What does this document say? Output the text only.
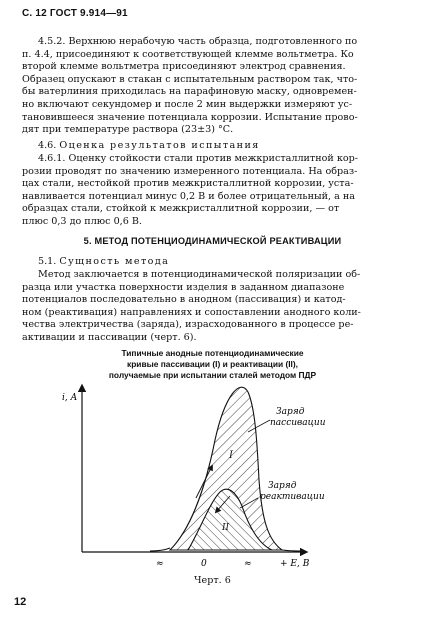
С. 12 ГОСТ 9.914—91
4.5.2. Верхнюю нерабочую часть образца, подготовленного по
п. 4.4, присоединяют к соответствующей клемме вольтметра. Ко
второй клемме вольтметра присоединяют электрод сравнения.
Образец опускают в стакан с испытательным раствором так, что-
бы ватерлиния приходилась на парафиновую маску, одновремен-
но включают секундомер и после 2 мин выдержки измеряют ус-
тановившееся значение потенциала коррозии. Испытание прово-
дят при температуре раствора (23±3) °С.
4.6. Оценка результатов испытания
4.6.1. Оценку стойкости стали против межкристаллитной кор-
розии проводят по значению измеренного потенциала. На образ-
цах стали, нестойкой против межкристаллитной коррозии, уста-
навливается потенциал минус 0,2 В и более отрицательный, а на
образцах стали, стойкой к межкристаллитной коррозии, — от
плюс 0,3 до плюс 0,6 В.
5. МЕТОД ПОТЕНЦИОДИНАМИЧЕСКОЙ РЕАКТИВАЦИИ
5.1. Сущность метода
Метод заключается в потенциодинамической поляризации об-
разца или участка поверхности изделия в заданном диапазоне
потенциалов последовательно в анодном (пассивация) и катод-
ном (реактивация) направлениях и сопоставлении анодного коли-
чества электричества (заряда), израсходованного в процессе ре-
активации и пассивации (черт. 6).
Типичные анодные потенциодинамические
кривые пассивации (I) и реактивации (II),
получаемые при испытании сталей методом ПДР
i, A
+ E, B
0
≈	≈
I
II
Заряд пассивации
Заряд реактивации
Черт. 6
12
